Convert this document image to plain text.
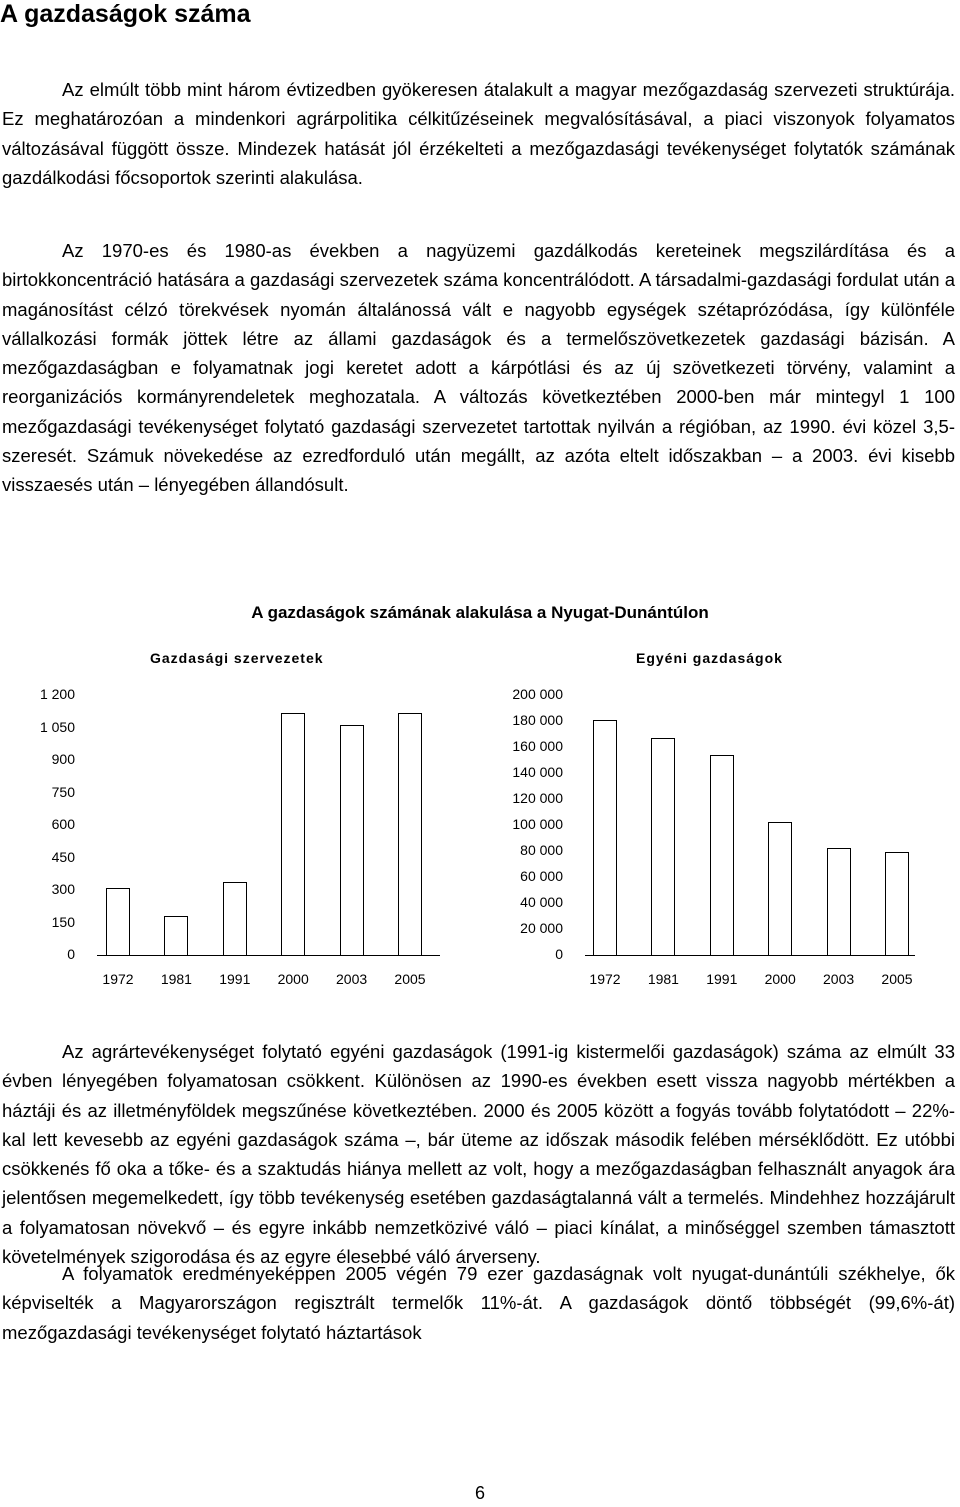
A gazdaságok száma

Az elmúlt több mint három évtizedben gyökeresen átalakult a magyar mezőgazdaság szervezeti struktúrája. Ez meghatározóan a mindenkori agrárpolitika célkitűzéseinek megvalósításával, a piaci viszonyok folyamatos változásával függött össze. Mindezek hatását jól érzékelteti a mezőgazdasági tevékenységet folytatók számának gazdálkodási főcsoportok szerinti alakulása.

Az 1970-es és 1980-as években a nagyüzemi gazdálkodás kereteinek megszilárdítása és a birtokkoncentráció hatására a gazdasági szervezetek száma koncentrálódott. A társadalmi-gazdasági fordulat után a magánosítást célzó törekvések nyomán általánossá vált e nagyobb egységek szétaprózódása, így különféle vállalkozási formák jöttek létre az állami gazdaságok és a termelőszövetkezetek gazdasági bázisán. A mezőgazdaságban e folyamatnak jogi keretet adott a kárpótlási és az új szövetkezeti törvény, valamint a reorganizációs kormányrendeletek meghozatala. A változás következtében 2000-ben már mintegyl 1 100 mezőgazdasági tevékenységet folytató gazdasági szervezetet tartottak nyilván a régióban, az 1990. évi közel 3,5-szeresét. Számuk növekedése az ezredforduló után megállt, az azóta eltelt időszakban – a 2003. évi kisebb visszaesés után – lényegében állandósult.

A gazdaságok számának alakulása a Nyugat-Dunántúlon
Gazdasági szervezetek	Egyéni gazdaságok
0
150
300
450
600
750
900
1 050
1 200
1972	1981	1991	2000	2003	2005
0
20 000
40 000
60 000
80 000
100 000
120 000
140 000
160 000
180 000
200 000
1972	1981	1991	2000	2003	2005

Az agrártevékenységet folytató egyéni gazdaságok (1991-ig kistermelői gazdaságok) száma az elmúlt 33 évben lényegében folyamatosan csökkent. Különösen az 1990-es években esett vissza nagyobb mértékben a háztáji és az illetményföldek megszűnése következtében. 2000 és 2005 között a fogyás tovább folytatódott – 22%-kal lett kevesebb az egyéni gazdaságok száma –, bár üteme az időszak második felében mérséklődött. Ez utóbbi csökkenés fő oka a tőke- és a szaktudás hiánya mellett az volt, hogy a mezőgazdaságban felhasznált anyagok ára jelentősen megemelkedett, így több tevékenység esetében gazdaságtalanná vált a termelés. Mindehhez hozzájárult a folyamatosan növekvő – és egyre inkább nemzetközivé váló – piaci kínálat, a minőséggel szemben támasztott követelmények szigorodása és az egyre élesebbé váló árverseny.

A folyamatok eredményeképpen 2005 végén 79 ezer gazdaságnak volt nyugat-dunántúli székhelye, ők képviselték a Magyarországon regisztrált termelők 11%-át. A gazdaságok döntő többségét (99,6%-át) mezőgazdasági tevékenységet folytató háztartások

6
